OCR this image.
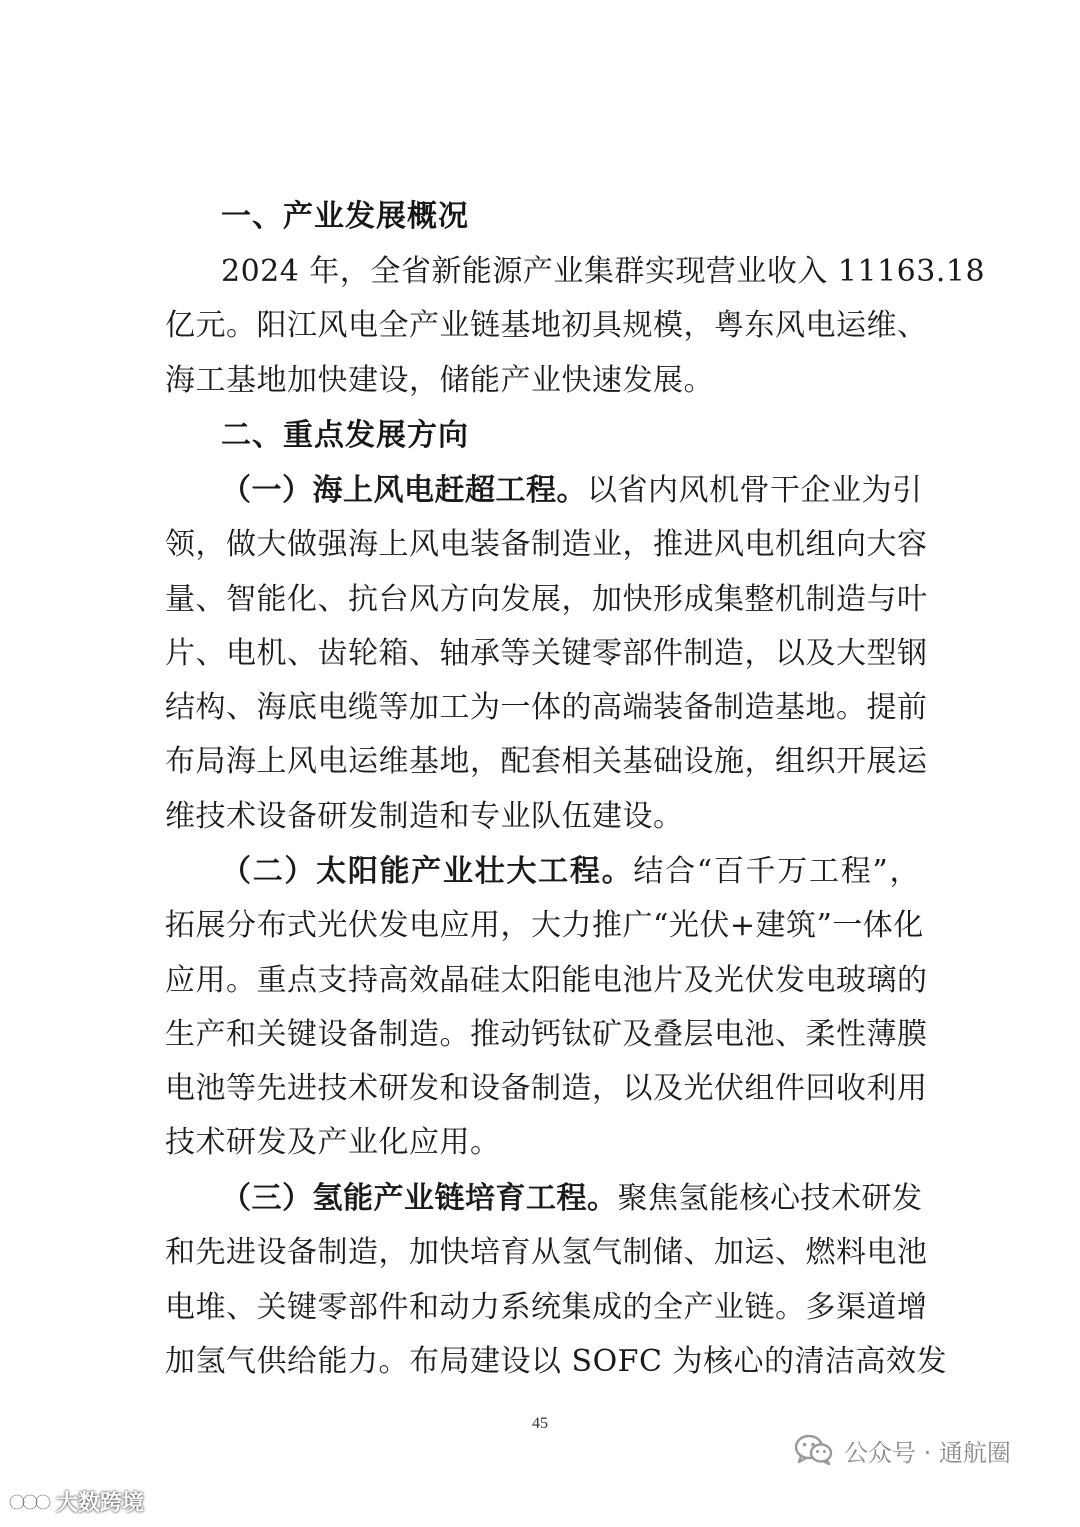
一、产业发展概况
2024 年，全省新能源产业集群实现营业收入 11163.18
亿元。阳江风电全产业链基地初具规模，粤东风电运维、
海工基地加快建设，储能产业快速发展。
二、重点发展方向
（一）海上风电赶超工程。以省内风机骨干企业为引
领，做大做强海上风电装备制造业，推进风电机组向大容
量、智能化、抗台风方向发展，加快形成集整机制造与叶
片、电机、齿轮箱、轴承等关键零部件制造，以及大型钢
结构、海底电缆等加工为一体的高端装备制造基地。提前
布局海上风电运维基地，配套相关基础设施，组织开展运
维技术设备研发制造和专业队伍建设。
（二）太阳能产业壮大工程。结合“百千万工程”，
拓展分布式光伏发电应用，大力推广“光伏+建筑”一体化
应用。重点支持高效晶硅太阳能电池片及光伏发电玻璃的
生产和关键设备制造。推动钙钛矿及叠层电池、柔性薄膜
电池等先进技术研发和设备制造，以及光伏组件回收利用
技术研发及产业化应用。
（三）氢能产业链培育工程。聚焦氢能核心技术研发
和先进设备制造，加快培育从氢气制储、加运、燃料电池
电堆、关键零部件和动力系统集成的全产业链。多渠道增
加氢气供给能力。布局建设以 SOFC 为核心的清洁高效发
45
公众号 · 通航圈
大数跨境
